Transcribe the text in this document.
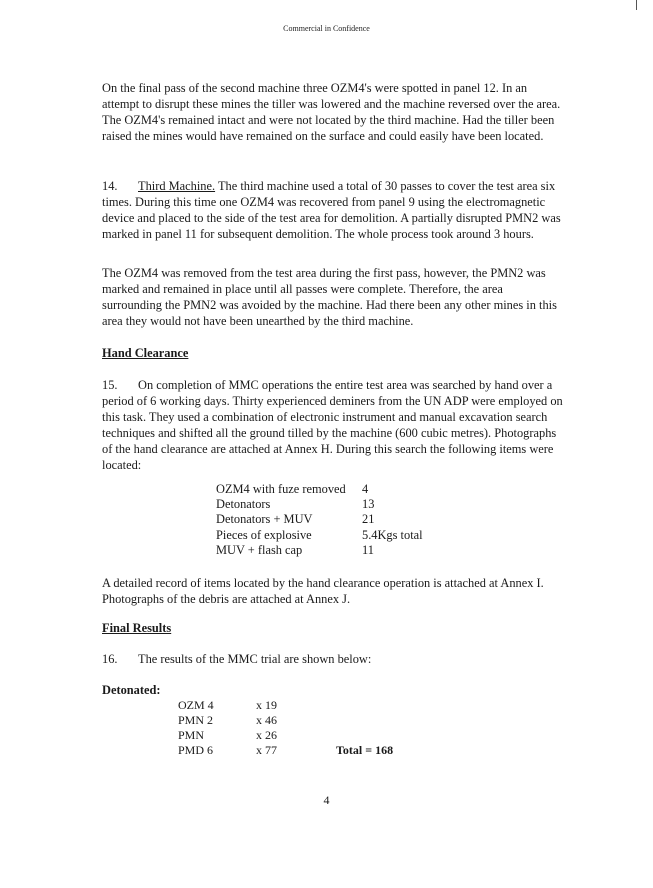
Commercial in Confidence

On the final pass of the second machine three OZM4's were spotted in panel 12. In an attempt to disrupt these mines the tiller was lowered and the machine reversed over the area. The OZM4's remained intact and were not located by the third machine. Had the tiller been raised the mines would have remained on the surface and could easily have been located.

14. Third Machine. The third machine used a total of 30 passes to cover the test area six times. During this time one OZM4 was recovered from panel 9 using the electromagnetic device and placed to the side of the test area for demolition. A partially disrupted PMN2 was marked in panel 11 for subsequent demolition. The whole process took around 3 hours.

The OZM4 was removed from the test area during the first pass, however, the PMN2 was marked and remained in place until all passes were complete. Therefore, the area surrounding the PMN2 was avoided by the machine. Had there been any other mines in this area they would not have been unearthed by the third machine.

Hand Clearance

15. On completion of MMC operations the entire test area was searched by hand over a period of 6 working days. Thirty experienced deminers from the UN ADP were employed on this task. They used a combination of electronic instrument and manual excavation search techniques and shifted all the ground tilled by the machine (600 cubic metres). Photographs of the hand clearance are attached at Annex H. During this search the following items were located:

OZM4 with fuze removed	4
Detonators	13
Detonators + MUV	21
Pieces of explosive	5.4Kgs total
MUV + flash cap	11

A detailed record of items located by the hand clearance operation is attached at Annex I. Photographs of the debris are attached at Annex J.

Final Results

16. The results of the MMC trial are shown below:

Detonated:
OZM 4	x 19
PMN 2	x 46
PMN	x 26
PMD 6	x 77	Total = 168
4
